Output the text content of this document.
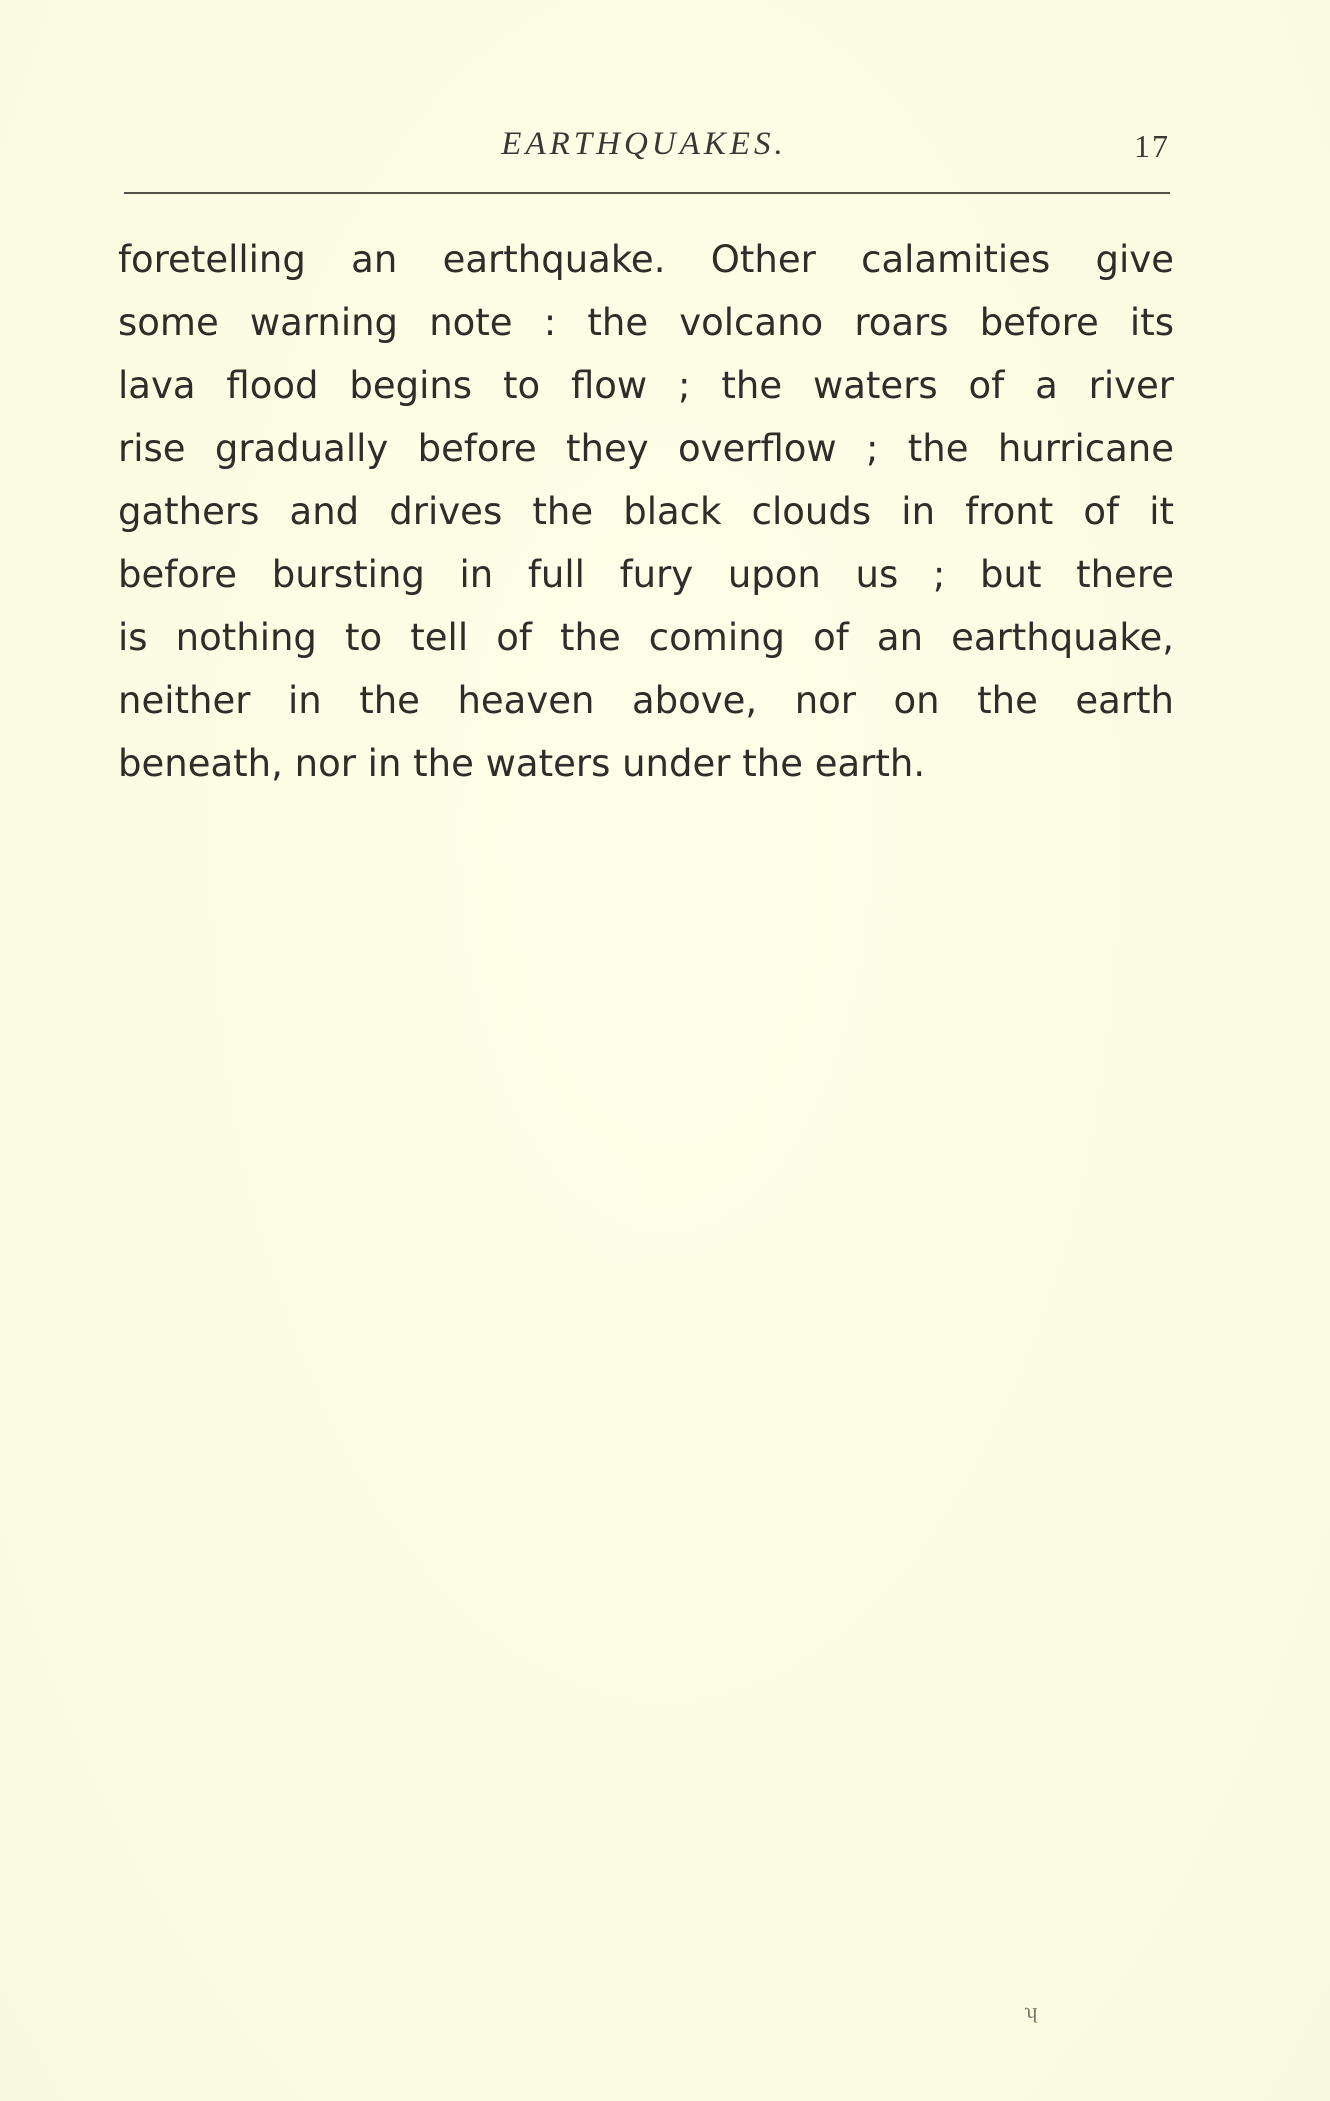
EARTHQUAKES.	17
foretelling an earthquake. Other calamities give
some warning note : the volcano roars before its
lava flood begins to flow ; the waters of a river
rise gradually before they overflow ; the hurricane
gathers and drives the black clouds in front of it
before bursting in full fury upon us ; but there
is nothing to tell of the coming of an earthquake,
neither in the heaven above, nor on the earth
beneath, nor in the waters under the earth.
ʮ
